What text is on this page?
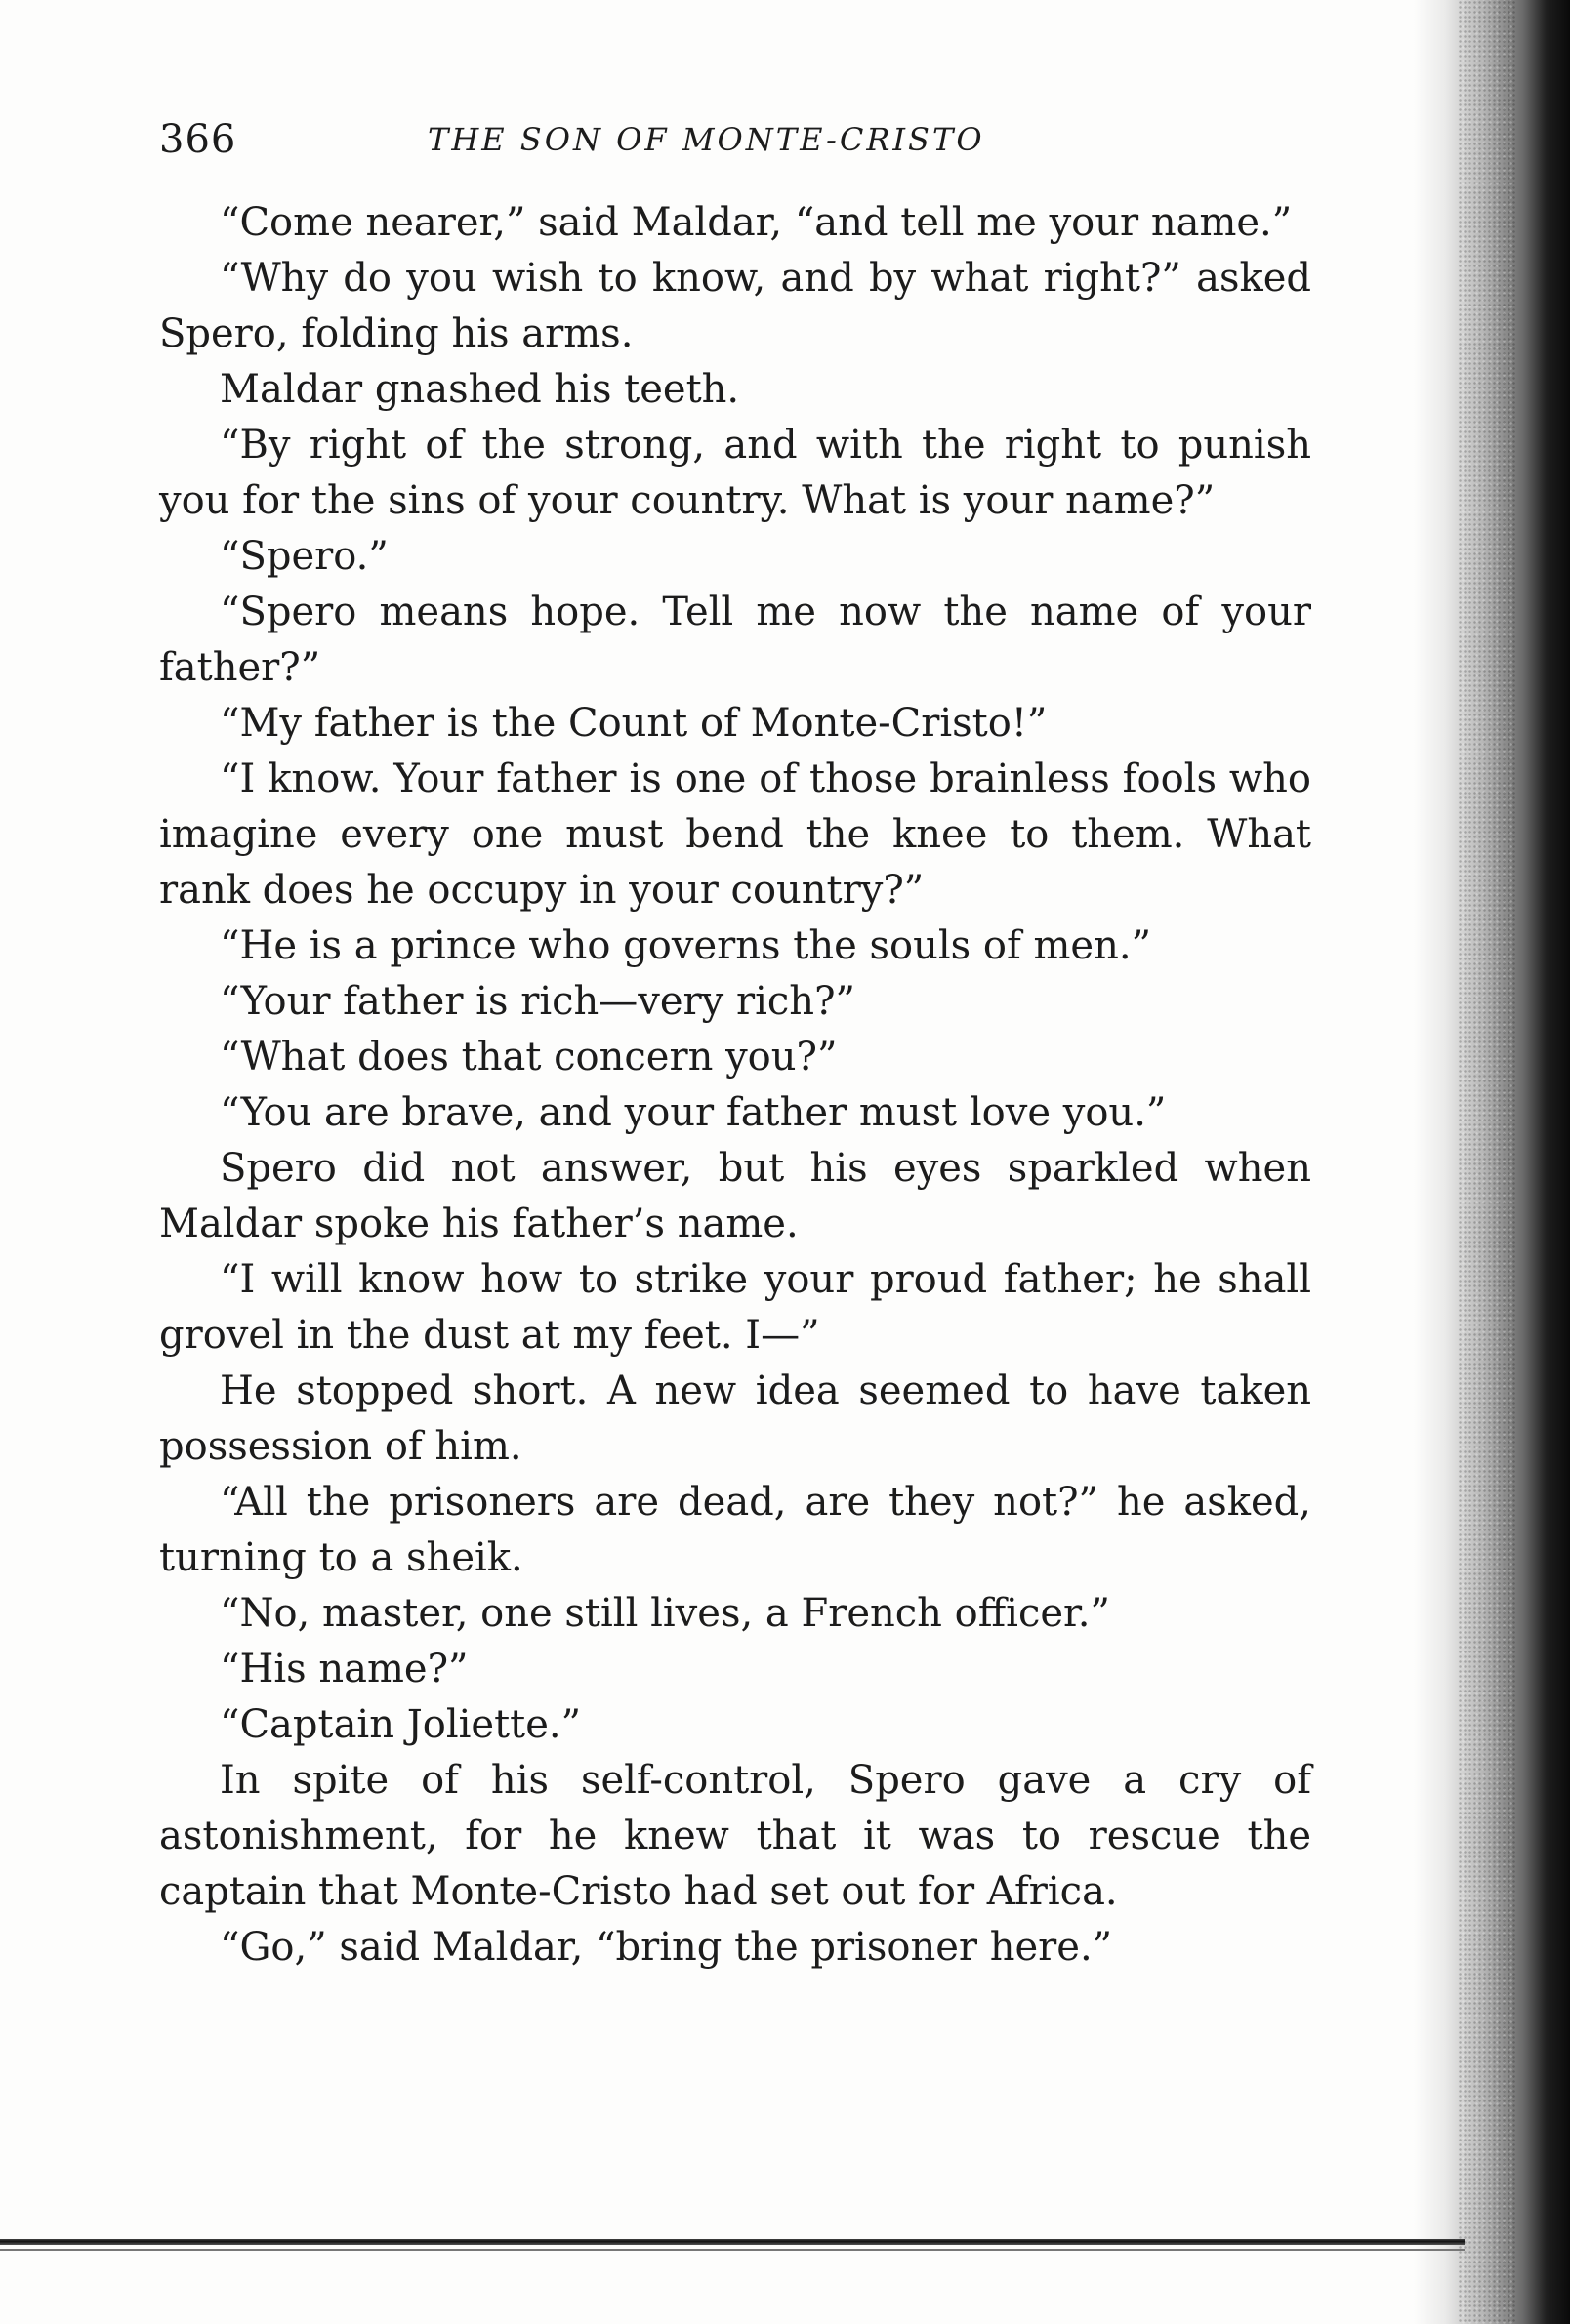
366	THE SON OF MONTE-CRISTO

“Come nearer,” said Maldar, “and tell me your name.”

“Why do you wish to know, and by what right?” asked Spero, folding his arms.

Maldar gnashed his teeth.

“By right of the strong, and with the right to punish you for the sins of your country. What is your name?”

“Spero.”

“Spero means hope. Tell me now the name of your father?”

“My father is the Count of Monte-Cristo!”

“I know. Your father is one of those brainless fools who imagine every one must bend the knee to them. What rank does he occupy in your country?”

“He is a prince who governs the souls of men.”

“Your father is rich—very rich?”

“What does that concern you?”

“You are brave, and your father must love you.”

Spero did not answer, but his eyes sparkled when Maldar spoke his father’s name.

“I will know how to strike your proud father; he shall grovel in the dust at my feet. I—”

He stopped short. A new idea seemed to have taken possession of him.

“All the prisoners are dead, are they not?” he asked, turning to a sheik.

“No, master, one still lives, a French officer.”

“His name?”

“Captain Joliette.”

In spite of his self-control, Spero gave a cry of astonishment, for he knew that it was to rescue the captain that Monte-Cristo had set out for Africa.

“Go,” said Maldar, “bring the prisoner here.”
